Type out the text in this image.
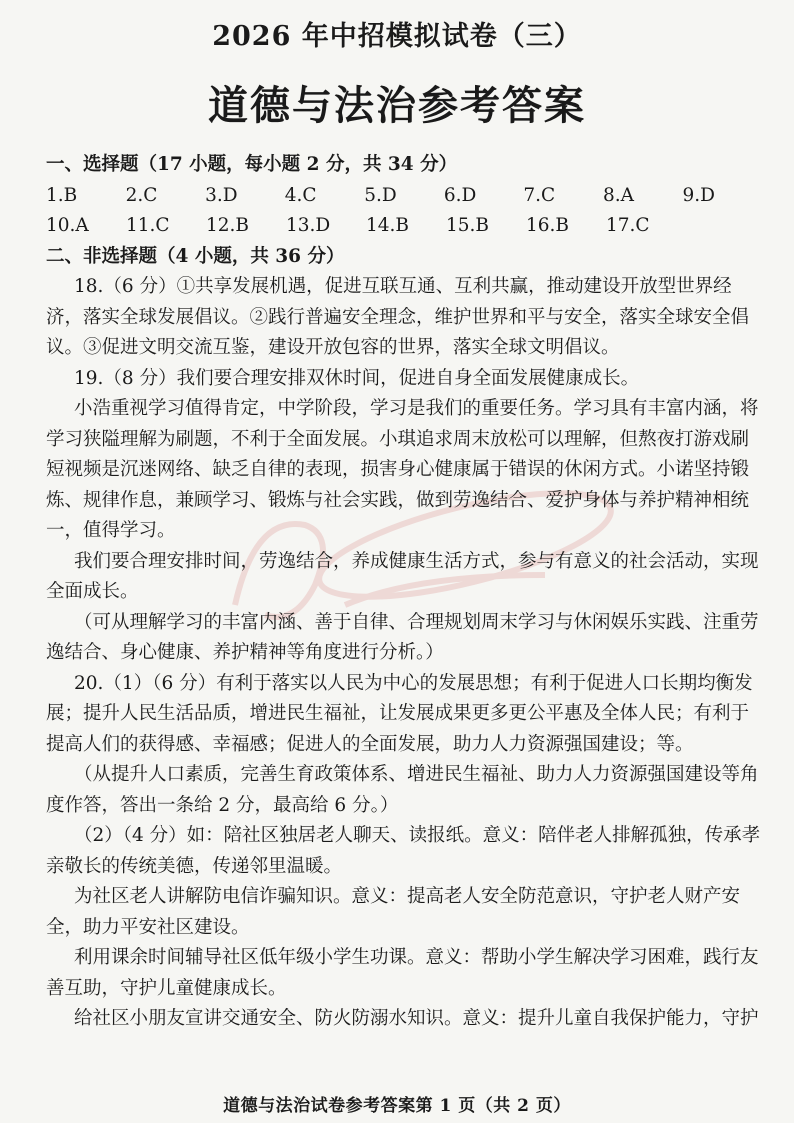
2026 年中招模拟试卷（三）
道德与法治参考答案

一、选择题（17 小题，每小题 2 分，共 34 分）

1.B	2.C	3.D	4.C	5.D	6.D	7.C	8.A	9.D
10.A	11.C	12.B	13.D	14.B	15.B	16.B	17.C

二、非选择题（4 小题，共 36 分）

18.（6 分）①共享发展机遇，促进互联互通、互利共赢，推动建设开放型世界经济，落实全球发展倡议。②践行普遍安全理念，维护世界和平与安全，落实全球安全倡议。③促进文明交流互鉴，建设开放包容的世界，落实全球文明倡议。

19.（8 分）我们要合理安排双休时间，促进自身全面发展健康成长。

小浩重视学习值得肯定，中学阶段，学习是我们的重要任务。学习具有丰富内涵，将学习狭隘理解为刷题，不利于全面发展。小琪追求周末放松可以理解，但熬夜打游戏刷短视频是沉迷网络、缺乏自律的表现，损害身心健康属于错误的休闲方式。小诺坚持锻炼、规律作息，兼顾学习、锻炼与社会实践，做到劳逸结合、爱护身体与养护精神相统一，值得学习。

我们要合理安排时间，劳逸结合，养成健康生活方式，参与有意义的社会活动，实现全面成长。

（可从理解学习的丰富内涵、善于自律、合理规划周末学习与休闲娱乐实践、注重劳逸结合、身心健康、养护精神等角度进行分析。）

20.（1）（6 分）有利于落实以人民为中心的发展思想；有利于促进人口长期均衡发展；提升人民生活品质，增进民生福祉，让发展成果更多更公平惠及全体人民；有利于提高人们的获得感、幸福感；促进人的全面发展，助力人力资源强国建设；等。

（从提升人口素质，完善生育政策体系、增进民生福祉、助力人力资源强国建设等角度作答，答出一条给 2 分，最高给 6 分。）

（2）（4 分）如：陪社区独居老人聊天、读报纸。意义：陪伴老人排解孤独，传承孝亲敬长的传统美德，传递邻里温暖。

为社区老人讲解防电信诈骗知识。意义：提高老人安全防范意识，守护老人财产安全，助力平安社区建设。

利用课余时间辅导社区低年级小学生功课。意义：帮助小学生解决学习困难，践行友善互助，守护儿童健康成长。

给社区小朋友宣讲交通安全、防火防溺水知识。意义：提升儿童自我保护能力，守护

道德与法治试卷参考答案第 1 页（共 2 页）
